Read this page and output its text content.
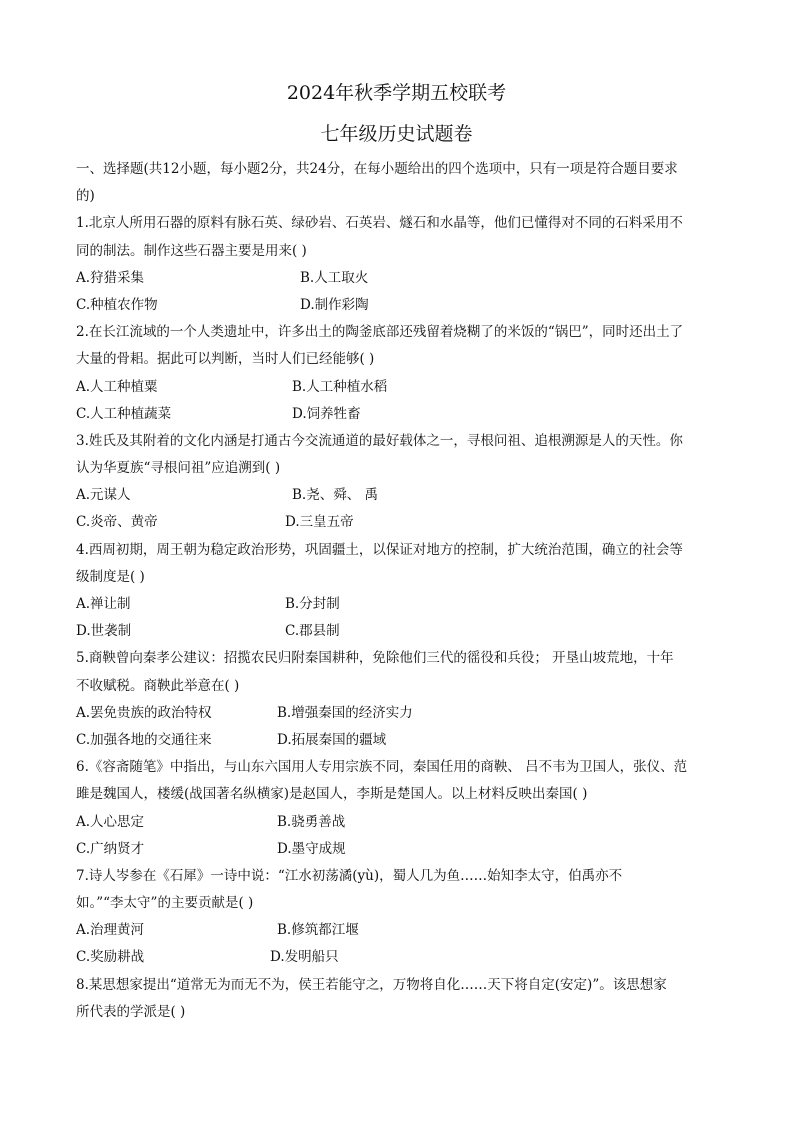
2024年秋季学期五校联考
七年级历史试题卷
一、选择题(共12小题，每小题2分，共24分，在每小题给出的四个选项中，只有一项是符合题目要求
的)
1.北京人所用石器的原料有脉石英、绿砂岩、石英岩、燧石和水晶等，他们已懂得对不同的石料采用不
同的制法。制作这些石器主要是用来( )
A.狩猎采集	B.人工取火
C.种植农作物	D.制作彩陶
2.在长江流域的一个人类遗址中，许多出土的陶釜底部还残留着烧糊了的米饭的“锅巴”，同时还出土了
大量的骨耜。据此可以判断，当时人们已经能够( )
A.人工种植粟	B.人工种植水稻
C.人工种植蔬菜	D.饲养牲畜
3.姓氏及其附着的文化内涵是打通古今交流通道的最好载体之一，寻根问祖、追根溯源是人的天性。你
认为华夏族“寻根问祖”应追溯到( )
A.元谋人	B.尧、舜、 禹
C.炎帝、黄帝	D.三皇五帝
4.西周初期，周王朝为稳定政治形势，巩固疆土，以保证对地方的控制，扩大统治范围，确立的社会等
级制度是( )
A.禅让制	B.分封制
D.世袭制	C.郡县制
5.商鞅曾向秦孝公建议：招揽农民归附秦国耕种，免除他们三代的徭役和兵役； 开垦山坡荒地，十年
不收赋税。商鞅此举意在( )
A.罢免贵族的政治特权	B.增强秦国的经济实力
C.加强各地的交通往来	D.拓展秦国的疆域
6.《容斋随笔》中指出，与山东六国用人专用宗族不同，秦国任用的商鞅、 吕不韦为卫国人，张仪、范
雎是魏国人，楼缓(战国著名纵横家)是赵国人，李斯是楚国人。以上材料反映出秦国( )
A.人心思定	B.骁勇善战
C.广纳贤才	D.墨守成规
7.诗人岑参在《石犀》一诗中说：“江水初荡潏(yù)，蜀人几为鱼……始知李太守，伯禹亦不
如。”“李太守”的主要贡献是( )
A.治理黄河	B.修筑都江堰
C.奖励耕战	D.发明船只
8.某思想家提出“道常无为而无不为，侯王若能守之，万物将自化……天下将自定(安定)”。该思想家
所代表的学派是( )
